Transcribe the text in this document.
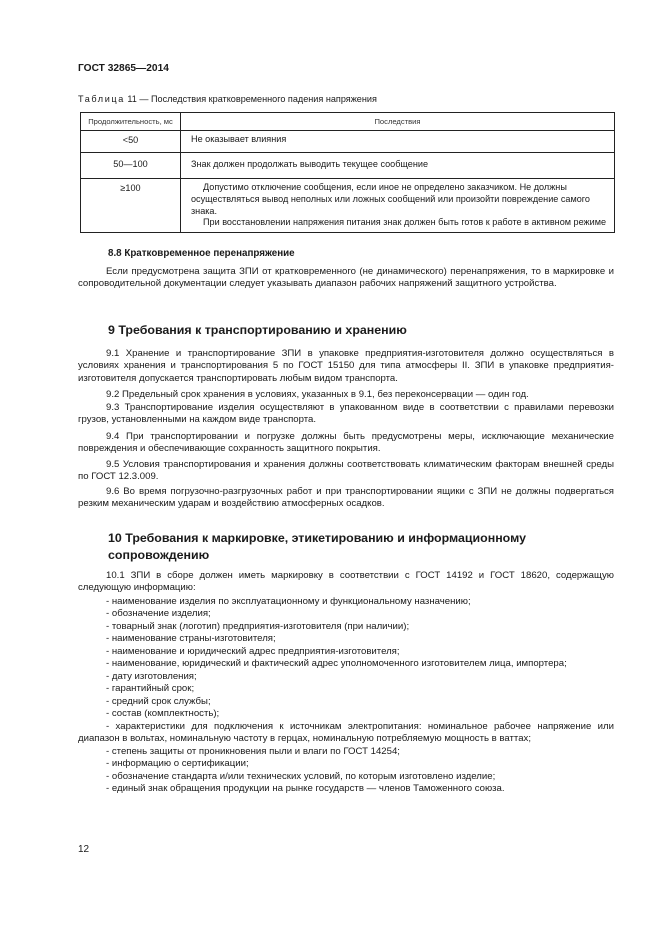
ГОСТ 32865—2014
Таблица 11 — Последствия кратковременного падения напряжения
Продолжительность, мс	Последствия
<50	Не оказывает влияния
50—100	Знак должен продолжать выводить текущее сообщение
≥100	Допустимо отключение сообщения, если иное не определено заказчиком. Не должны осуществляться вывод неполных или ложных сообщений или произойти повреждение самого знака.
При восстановлении напряжения питания знак должен быть готов к работе в активном режиме
8.8 Кратковременное перенапряжение
Если предусмотрена защита ЗПИ от кратковременного (не динамического) перенапряжения, то в маркировке и сопроводительной документации следует указывать диапазон рабочих напряжений защитного устройства.
9 Требования к транспортированию и хранению
9.1 Хранение и транспортирование ЗПИ в упаковке предприятия-изготовителя должно осуществляться в условиях хранения и транспортирования 5 по ГОСТ 15150 для типа атмосферы II. ЗПИ в упаковке предприятия-изготовителя допускается транспортировать любым видом транспорта.
9.2 Предельный срок хранения в условиях, указанных в 9.1, без переконсервации — один год.
9.3 Транспортирование изделия осуществляют в упакованном виде в соответствии с правилами перевозки грузов, установленными на каждом виде транспорта.
9.4 При транспортировании и погрузке должны быть предусмотрены меры, исключающие механические повреждения и обеспечивающие сохранность защитного покрытия.
9.5 Условия транспортирования и хранения должны соответствовать климатическим факторам внешней среды по ГОСТ 12.3.009.
9.6 Во время погрузочно-разгрузочных работ и при транспортировании ящики с ЗПИ не должны подвергаться резким механическим ударам и воздействию атмосферных осадков.
10 Требования к маркировке, этикетированию и информационному сопровождению
10.1 ЗПИ в сборе должен иметь маркировку в соответствии с ГОСТ 14192 и ГОСТ 18620, содержащую следующую информацию:
- наименование изделия по эксплуатационному и функциональному назначению;
- обозначение изделия;
- товарный знак (логотип) предприятия-изготовителя (при наличии);
- наименование страны-изготовителя;
- наименование и юридический адрес предприятия-изготовителя;
- наименование, юридический и фактический адрес уполномоченного изготовителем лица, импортера;
- дату изготовления;
- гарантийный срок;
- средний срок службы;
- состав (комплектность);
- характеристики для подключения к источникам электропитания: номинальное рабочее напряжение или диапазон в вольтах, номинальную частоту в герцах, номинальную потребляемую мощность в ваттах;
- степень защиты от проникновения пыли и влаги по ГОСТ 14254;
- информацию о сертификации;
- обозначение стандарта и/или технических условий, по которым изготовлено изделие;
- единый знак обращения продукции на рынке государств — членов Таможенного союза.
12
